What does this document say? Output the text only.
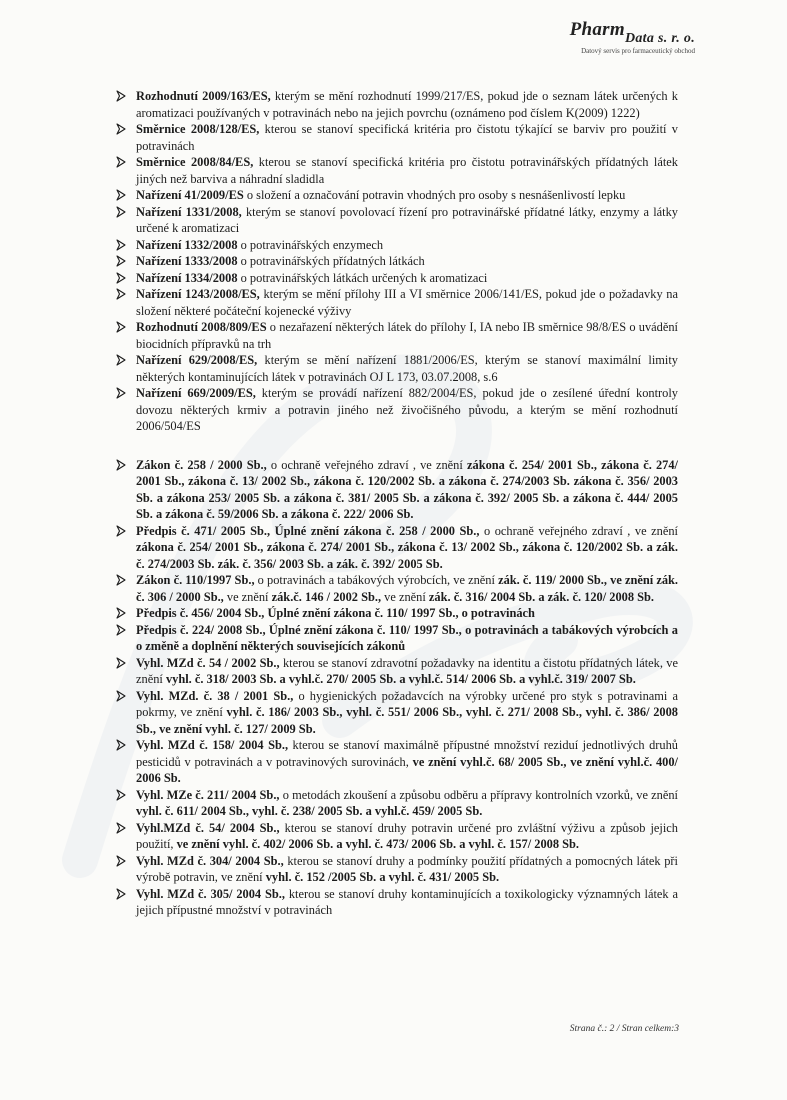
Pharm$_{Data s. r. o.}$
Datový servis pro farmaceutický obchod
Rozhodnutí 2009/163/ES, kterým se mění rozhodnutí 1999/217/ES, pokud jde o seznam látek určených k aromatizaci používaných v potravinách nebo na jejich povrchu (oznámeno pod číslem K(2009) 1222)
Směrnice 2008/128/ES, kterou se stanoví specifická kritéria pro čistotu týkající se barviv pro použití v potravinách
Směrnice 2008/84/ES, kterou se stanoví specifická kritéria pro čistotu potravinářských přídatných látek jiných než barviva a náhradní sladidla
Nařízení 41/2009/ES o složení a označování potravin vhodných pro osoby s nesnášenlivostí lepku
Nařízení 1331/2008, kterým se stanoví povolovací řízení pro potravinářské přídatné látky, enzymy a látky určené k aromatizaci
Nařízení 1332/2008 o potravinářských enzymech
Nařízení 1333/2008 o potravinářských přídatných látkách
Nařízení 1334/2008 o potravinářských látkách určených k aromatizaci
Nařízení 1243/2008/ES, kterým se mění přílohy III a VI směrnice 2006/141/ES, pokud jde o požadavky na složení některé počáteční kojenecké výživy
Rozhodnutí 2008/809/ES o nezařazení některých látek do přílohy I, IA nebo IB směrnice 98/8/ES o uvádění biocidních přípravků na trh
Nařízení 629/2008/ES, kterým se mění nařízení 1881/2006/ES, kterým se stanoví maximální limity některých kontaminujících látek v potravinách OJ L 173, 03.07.2008, s.6
Nařízení 669/2009/ES, kterým se provádí nařízení 882/2004/ES, pokud jde o zesílené úřední kontroly dovozu některých krmiv a potravin jiného než živočišného původu, a kterým se mění rozhodnutí 2006/504/ES
Zákon č. 258 / 2000 Sb., o ochraně veřejného zdraví , ve znění zákona č. 254/ 2001 Sb., zákona č. 274/ 2001 Sb., zákona č. 13/ 2002 Sb., zákona č. 120/2002 Sb. a zákona č. 274/2003 Sb. zákona č. 356/ 2003 Sb. a zákona 253/ 2005 Sb. a zákona č. 381/ 2005 Sb. a zákona č. 392/ 2005 Sb. a zákona č. 444/ 2005 Sb. a zákona č. 59/2006 Sb. a zákona č. 222/ 2006 Sb.
Předpis č. 471/ 2005 Sb., Úplné znění zákona č. 258 / 2000 Sb., o ochraně veřejného zdraví , ve znění zákona č. 254/ 2001 Sb., zákona č. 274/ 2001 Sb., zákona č. 13/ 2002 Sb., zákona č. 120/2002 Sb. a zák. č. 274/2003 Sb. zák. č. 356/ 2003 Sb. a zák. č. 392/ 2005 Sb.
Zákon č. 110/1997 Sb., o potravinách a tabákových výrobcích, ve znění zák. č. 119/ 2000 Sb., ve znění zák. č. 306 / 2000 Sb., ve znění zák.č. 146 / 2002 Sb., ve znění zák. č. 316/ 2004 Sb. a zák. č. 120/ 2008 Sb.
Předpis č. 456/ 2004 Sb., Úplné znění zákona č. 110/ 1997 Sb., o potravinách
Předpis č. 224/ 2008 Sb., Úplné znění zákona č. 110/ 1997 Sb., o potravinách a tabákových výrobcích a o změně a doplnění některých souvisejících zákonů
Vyhl. MZd č. 54 / 2002 Sb., kterou se stanoví zdravotní požadavky na identitu a čistotu přídatných látek, ve znění vyhl. č. 318/ 2003 Sb. a vyhl.č. 270/ 2005 Sb. a vyhl.č. 514/ 2006 Sb. a vyhl.č. 319/ 2007 Sb.
Vyhl. MZd. č. 38 / 2001 Sb., o hygienických požadavcích na výrobky určené pro styk s potravinami a pokrmy, ve znění vyhl. č. 186/ 2003 Sb., vyhl. č. 551/ 2006 Sb., vyhl. č. 271/ 2008 Sb., vyhl. č. 386/ 2008 Sb., ve znění vyhl. č. 127/ 2009 Sb.
Vyhl. MZd č. 158/ 2004 Sb., kterou se stanoví maximálně přípustné množství reziduí jednotlivých druhů pesticidů v potravinách a v potravinových surovinách, ve znění vyhl.č. 68/ 2005 Sb., ve znění vyhl.č. 400/ 2006 Sb.
Vyhl. MZe č. 211/ 2004 Sb., o metodách zkoušení a způsobu odběru a přípravy kontrolních vzorků, ve znění vyhl. č. 611/ 2004 Sb., vyhl. č. 238/ 2005 Sb. a vyhl.č. 459/ 2005 Sb.
Vyhl.MZd č. 54/ 2004 Sb., kterou se stanoví druhy potravin určené pro zvláštní výživu a způsob jejich použití, ve znění vyhl. č. 402/ 2006 Sb. a vyhl. č. 473/ 2006 Sb. a vyhl. č. 157/ 2008 Sb.
Vyhl. MZd č. 304/ 2004 Sb., kterou se stanoví druhy a podmínky použití přídatných a pomocných látek při výrobě potravin, ve znění vyhl. č. 152 /2005 Sb. a vyhl. č. 431/ 2005 Sb.
Vyhl. MZd č. 305/ 2004 Sb., kterou se stanoví druhy kontaminujících a toxikologicky významných látek a jejich přípustné množství v potravinách
Strana č.: 2 / Stran celkem:3
